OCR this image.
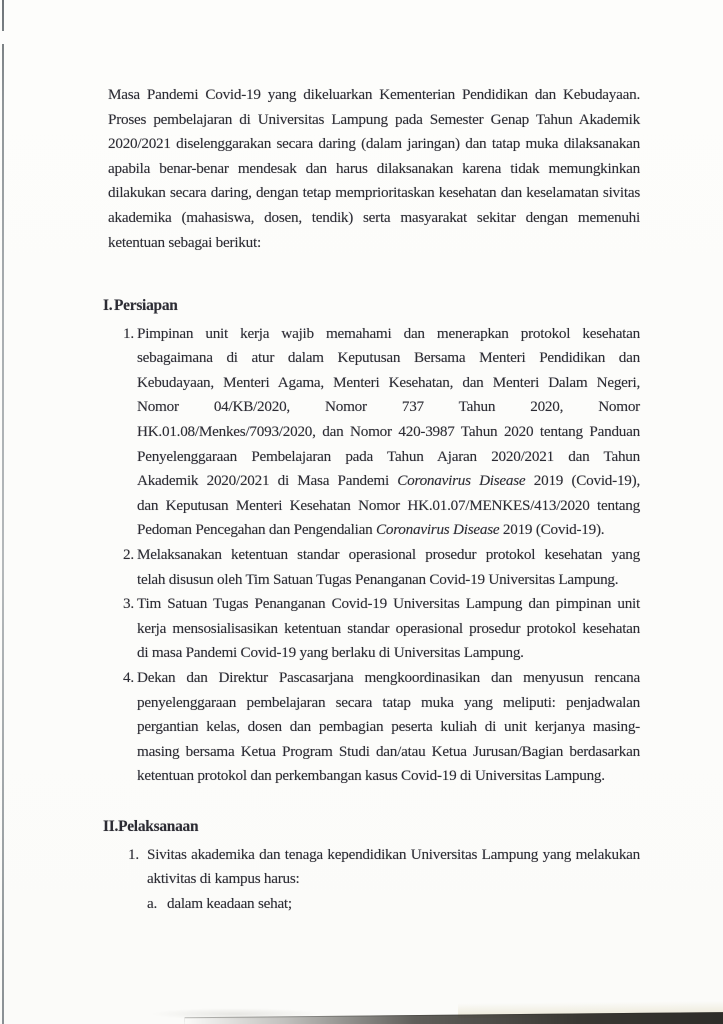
Masa Pandemi Covid-19 yang dikeluarkan Kementerian Pendidikan dan Kebudayaan.
Proses pembelajaran di Universitas Lampung pada Semester Genap Tahun Akademik
2020/2021 diselenggarakan secara daring (dalam jaringan) dan tatap muka dilaksanakan
apabila benar-benar mendesak dan harus dilaksanakan karena tidak memungkinkan
dilakukan secara daring, dengan tetap memprioritaskan kesehatan dan keselamatan sivitas
akademika (mahasiswa, dosen, tendik) serta masyarakat sekitar dengan memenuhi
ketentuan sebagai berikut:
I. Persiapan
1. Pimpinan unit kerja wajib memahami dan menerapkan protokol kesehatan
sebagaimana di atur dalam Keputusan Bersama Menteri Pendidikan dan
Kebudayaan, Menteri Agama, Menteri Kesehatan, dan Menteri Dalam Negeri,
Nomor 04/KB/2020, Nomor 737 Tahun 2020, Nomor
HK.01.08/Menkes/7093/2020, dan Nomor 420-3987 Tahun 2020 tentang Panduan
Penyelenggaraan Pembelajaran pada Tahun Ajaran 2020/2021 dan Tahun
Akademik 2020/2021 di Masa Pandemi Coronavirus Disease 2019 (Covid-19),
dan Keputusan Menteri Kesehatan Nomor HK.01.07/MENKES/413/2020 tentang
Pedoman Pencegahan dan Pengendalian Coronavirus Disease 2019 (Covid-19).
2. Melaksanakan ketentuan standar operasional prosedur protokol kesehatan yang
telah disusun oleh Tim Satuan Tugas Penanganan Covid-19 Universitas Lampung.
3. Tim Satuan Tugas Penanganan Covid-19 Universitas Lampung dan pimpinan unit
kerja mensosialisasikan ketentuan standar operasional prosedur protokol kesehatan
di masa Pandemi Covid-19 yang berlaku di Universitas Lampung.
4. Dekan dan Direktur Pascasarjana mengkoordinasikan dan menyusun rencana
penyelenggaraan pembelajaran secara tatap muka yang meliputi: penjadwalan
pergantian kelas, dosen dan pembagian peserta kuliah di unit kerjanya masing-
masing bersama Ketua Program Studi dan/atau Ketua Jurusan/Bagian berdasarkan
ketentuan protokol dan perkembangan kasus Covid-19 di Universitas Lampung.
II.Pelaksanaan
1. Sivitas akademika dan tenaga kependidikan Universitas Lampung yang melakukan
aktivitas di kampus harus:
a. dalam keadaan sehat;
